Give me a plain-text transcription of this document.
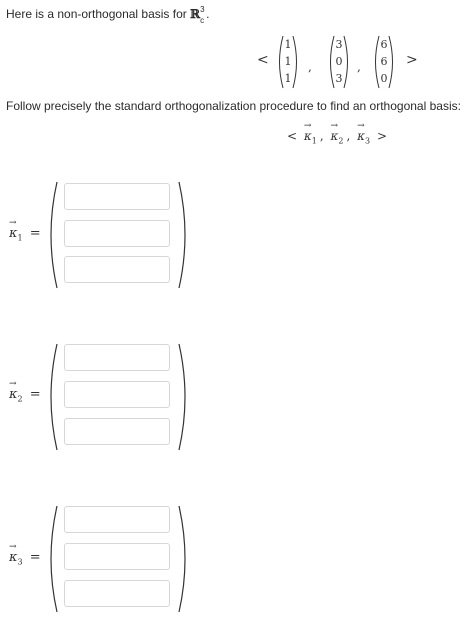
Here is a non-orthogonal basis for ℝ 3
c .
<
1
1
1
,
3
0
3
,
6
6
0
>
Follow precisely the standard orthogonalization procedure to find an orthogonal basis:
<
→
$\kappa_1$ ,
→
$\kappa_2$ ,
→
$\kappa_3$ >
→
$\kappa_1$ =
→
$\kappa_2$ =
→
$\kappa_3$ =
